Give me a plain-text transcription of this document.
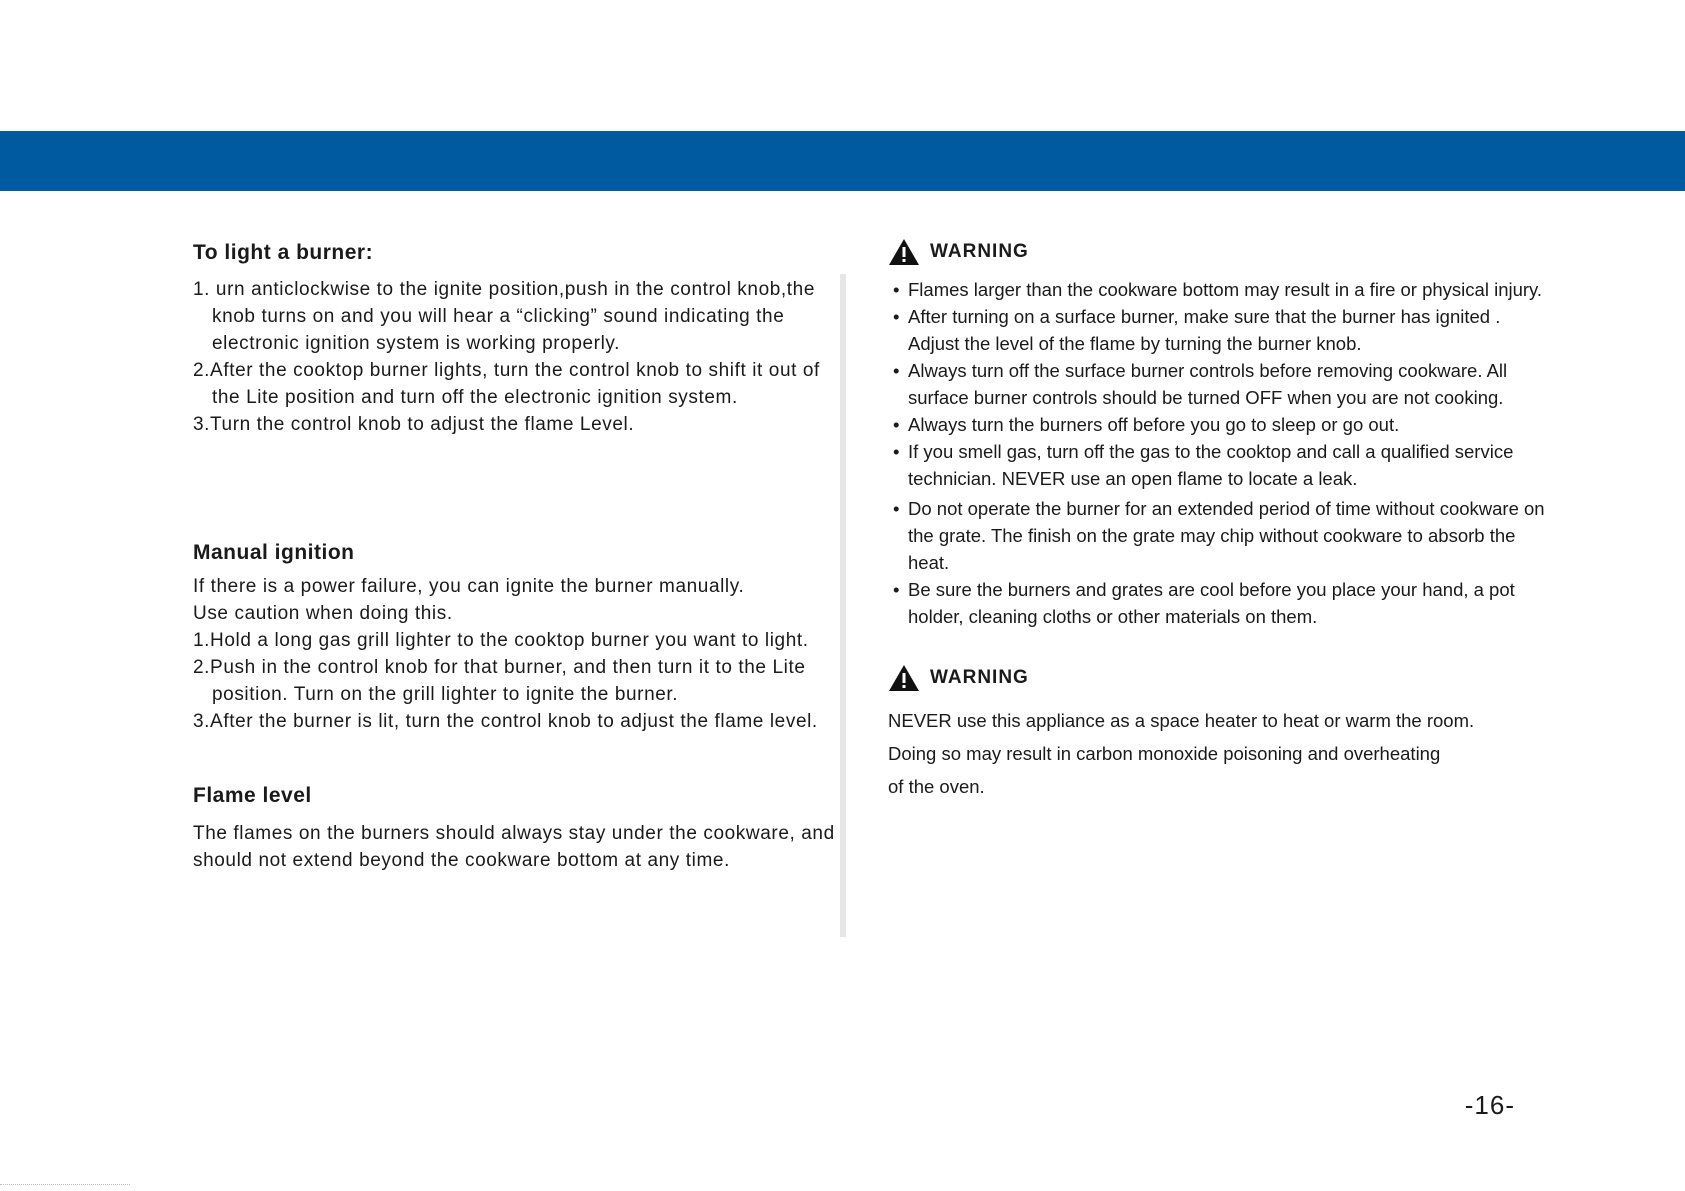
To light a burner:
1. urn anticlockwise to the ignite position,push in the control knob,the knob turns on and you will hear a “clicking” sound indicating the electronic ignition system is working properly.
2.After the cooktop burner lights, turn the control knob to shift it out of the Lite position and turn off the electronic ignition system.
3.Turn the control knob to adjust the flame Level.
Manual ignition

If there is a power failure, you can ignite the burner manually.

Use caution when doing this.

1.Hold a long gas grill lighter to the cooktop burner you want to light.
2.Push in the control knob for that burner, and then turn it to the Lite position. Turn on the grill lighter to ignite the burner.
3.After the burner is lit, turn the control knob to adjust the flame level.
Flame level

The flames on the burners should always stay under the cookware, and should not extend beyond the cookware bottom at any time.

WARNING
• Flames larger than the cookware bottom may result in a fire or physical injury.
• After turning on a surface burner, make sure that the burner has ignited . Adjust the level of the flame by turning the burner knob.
• Always turn off the surface burner controls before removing cookware. All surface burner controls should be turned OFF when you are not cooking.
• Always turn the burners off before you go to sleep or go out.
• If you smell gas, turn off the gas to the cooktop and call a qualified service technician. NEVER use an open flame to locate a leak.
• Do not operate the burner for an extended period of time without cookware on the grate. The finish on the grate may chip without cookware to absorb the heat.
• Be sure the burners and grates are cool before you place your hand, a pot holder, cleaning cloths or other materials on them.
WARNING
NEVER use this appliance as a space heater to heat or warm the room.
Doing so may result in carbon monoxide poisoning and overheating
of the oven.
-16-
